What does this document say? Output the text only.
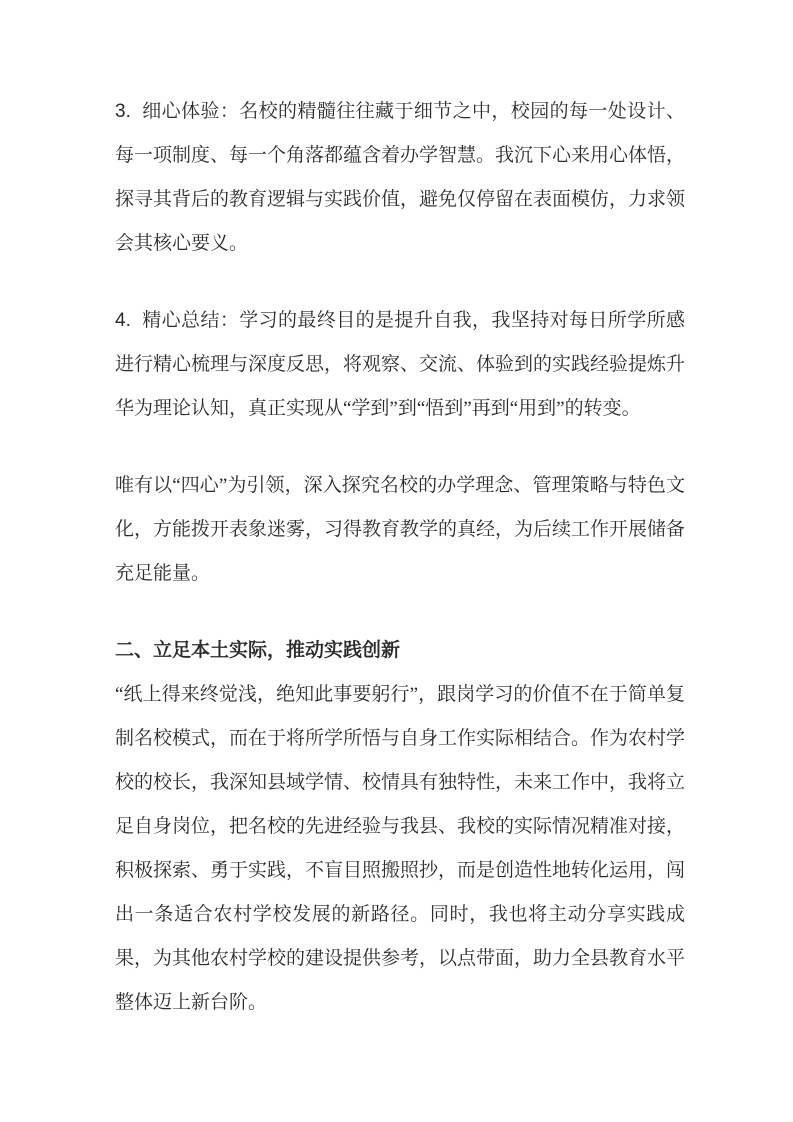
3. 细心体验：名校的精髓往往藏于细节之中，校园的每一处设计、每一项制度、每一个角落都蕴含着办学智慧。我沉下心来用心体悟，探寻其背后的教育逻辑与实践价值，避免仅停留在表面模仿，力求领会其核心要义。

4. 精心总结：学习的最终目的是提升自我，我坚持对每日所学所感进行精心梳理与深度反思，将观察、交流、体验到的实践经验提炼升华为理论认知，真正实现从“学到”到“悟到”再到“用到”的转变。

唯有以“四心”为引领，深入探究名校的办学理念、管理策略与特色文化，方能拨开表象迷雾，习得教育教学的真经，为后续工作开展储备充足能量。

二、立足本土实际，推动实践创新

“纸上得来终觉浅，绝知此事要躬行”，跟岗学习的价值不在于简单复制名校模式，而在于将所学所悟与自身工作实际相结合。作为农村学校的校长，我深知县域学情、校情具有独特性，未来工作中，我将立足自身岗位，把名校的先进经验与我县、我校的实际情况精准对接，积极探索、勇于实践，不盲目照搬照抄，而是创造性地转化运用，闯出一条适合农村学校发展的新路径。同时，我也将主动分享实践成果，为其他农村学校的建设提供参考，以点带面，助力全县教育水平整体迈上新台阶。
